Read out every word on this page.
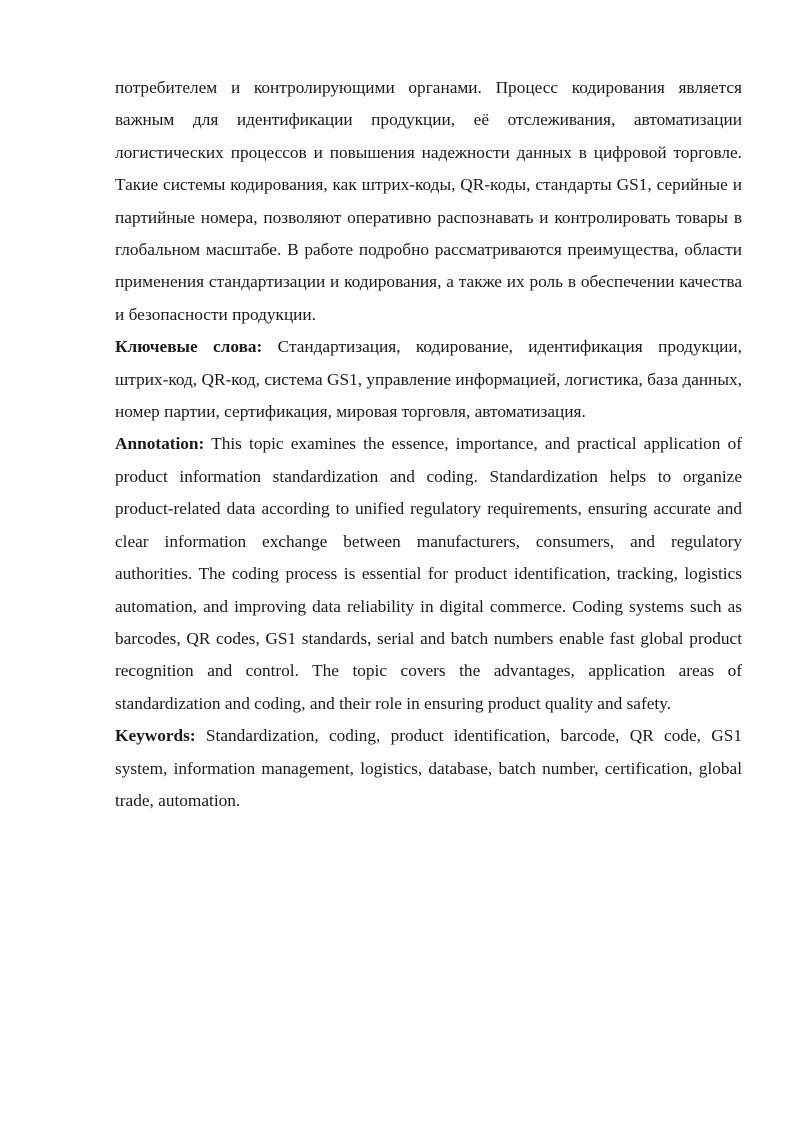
потребителем и контролирующими органами. Процесс кодирования является важным для идентификации продукции, её отслеживания, автоматизации логистических процессов и повышения надежности данных в цифровой торговле. Такие системы кодирования, как штрих-коды, QR-коды, стандарты GS1, серийные и партийные номера, позволяют оперативно распознавать и контролировать товары в глобальном масштабе. В работе подробно рассматриваются преимущества, области применения стандартизации и кодирования, а также их роль в обеспечении качества и безопасности продукции.

Ключевые слова: Стандартизация, кодирование, идентификация продукции, штрих-код, QR-код, система GS1, управление информацией, логистика, база данных, номер партии, сертификация, мировая торговля, автоматизация.

Annotation: This topic examines the essence, importance, and practical application of product information standardization and coding. Standardization helps to organize product-related data according to unified regulatory requirements, ensuring accurate and clear information exchange between manufacturers, consumers, and regulatory authorities. The coding process is essential for product identification, tracking, logistics automation, and improving data reliability in digital commerce. Coding systems such as barcodes, QR codes, GS1 standards, serial and batch numbers enable fast global product recognition and control. The topic covers the advantages, application areas of standardization and coding, and their role in ensuring product quality and safety.

Keywords: Standardization, coding, product identification, barcode, QR code, GS1 system, information management, logistics, database, batch number, certification, global trade, automation.
